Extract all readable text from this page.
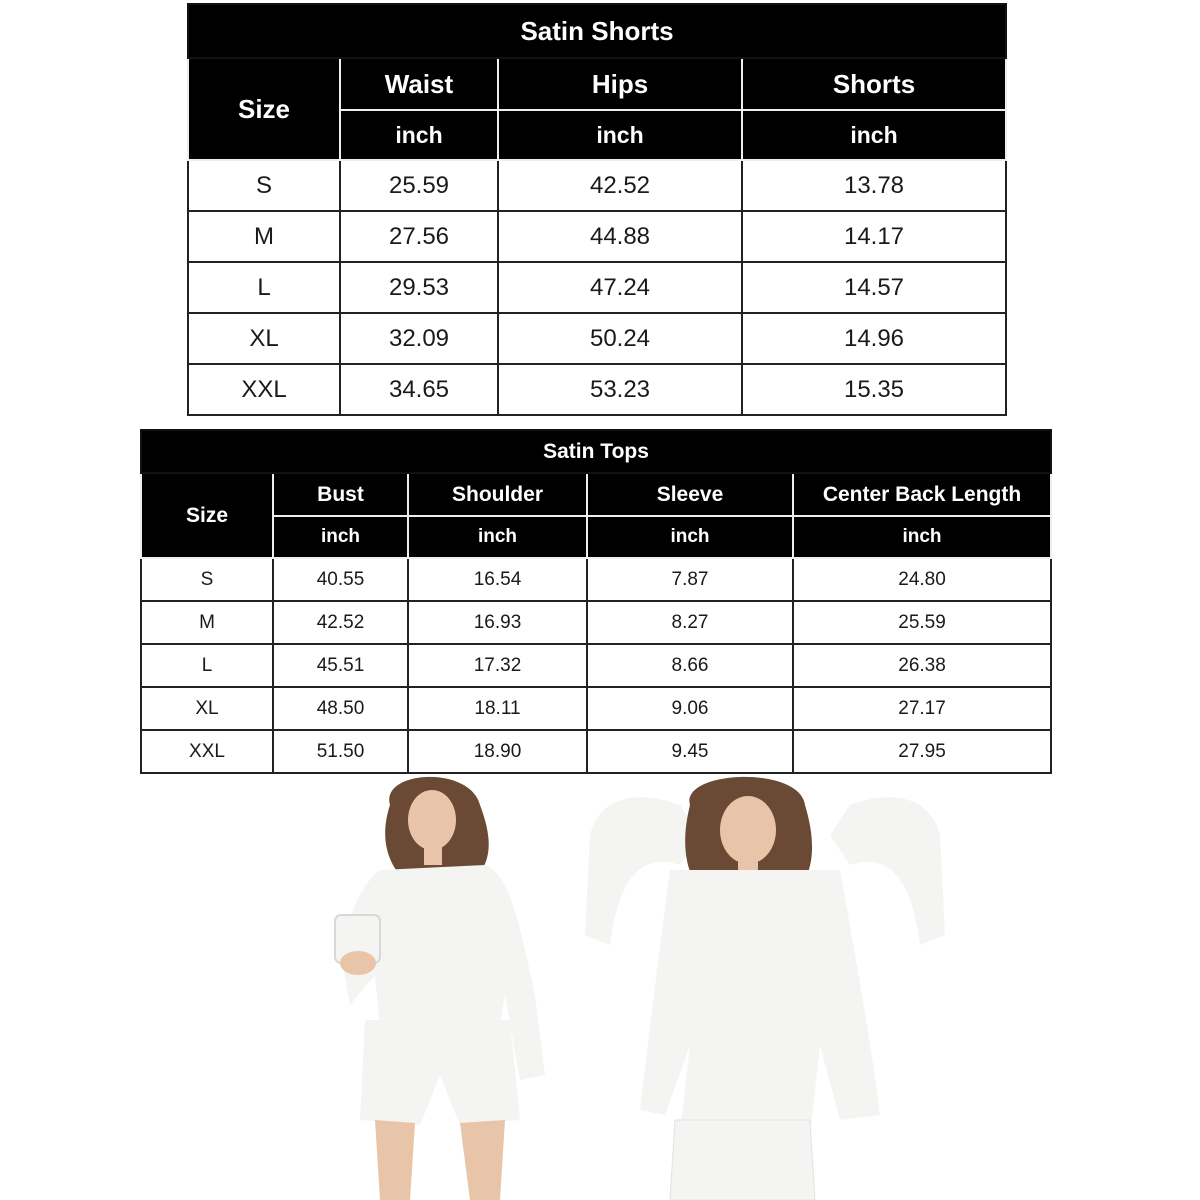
Satin Shorts			
Size	Waist	Hips	Shorts
	inch	inch	inch
S	25.59	42.52	13.78
M	27.56	44.88	14.17
L	29.53	47.24	14.57
XL	32.09	50.24	14.96
XXL	34.65	53.23	15.35
Satin Tops				
Size	Bust	Shoulder	Sleeve	Center Back Length
	inch	inch	inch	inch
S	40.55	16.54	7.87	24.80
M	42.52	16.93	8.27	25.59
L	45.51	17.32	8.66	26.38
XL	48.50	18.11	9.06	27.17
XXL	51.50	18.90	9.45	27.95
